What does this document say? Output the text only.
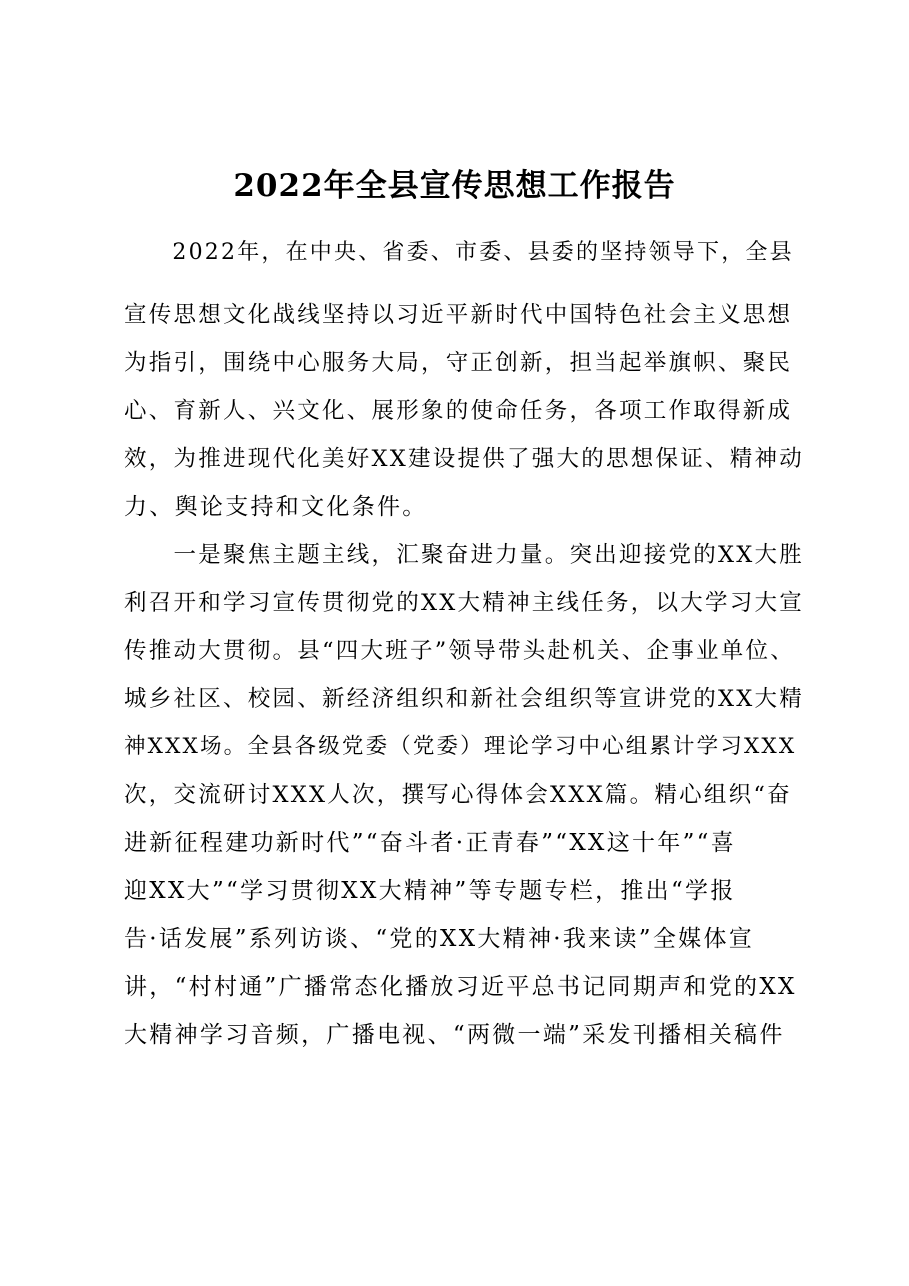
2022年全县宣传思想工作报告
　　2022年，在中央、省委、市委、县委的坚持领导下，全县
宣传思想文化战线坚持以习近平新时代中国特色社会主义思想
为指引，围绕中心服务大局，守正创新，担当起举旗帜、聚民
心、育新人、兴文化、展形象的使命任务，各项工作取得新成
效，为推进现代化美好XX建设提供了强大的思想保证、精神动
力、舆论支持和文化条件。
　　一是聚焦主题主线，汇聚奋进力量。突出迎接党的XX大胜
利召开和学习宣传贯彻党的XX大精神主线任务，以大学习大宣
传推动大贯彻。县“四大班子”领导带头赴机关、企事业单位、
城乡社区、校园、新经济组织和新社会组织等宣讲党的XX大精
神XXX场。全县各级党委（党委）理论学习中心组累计学习XXX
次，交流研讨XXX人次，撰写心得体会XXX篇。精心组织“奋
进新征程建功新时代”“奋斗者·正青春”“XX这十年”“喜
迎XX大”“学习贯彻XX大精神”等专题专栏，推出“学报
告·话发展”系列访谈、“党的XX大精神·我来读”全媒体宣
讲，“村村通”广播常态化播放习近平总书记同期声和党的XX
大精神学习音频，广播电视、“两微一端”采发刊播相关稿件
